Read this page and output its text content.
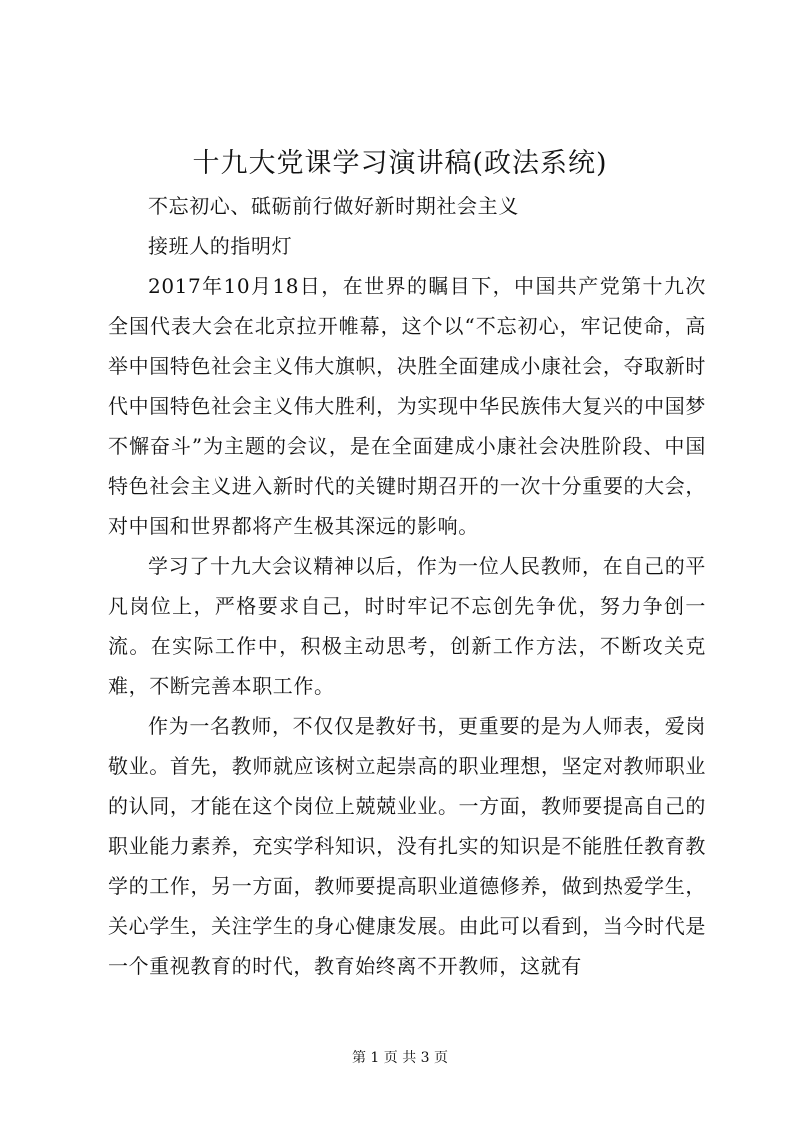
十九大党课学习演讲稿(政法系统)

不忘初心、砥砺前行做好新时期社会主义

接班人的指明灯

2017年10月18日，在世界的瞩目下，中国共产党第十九次全国代表大会在北京拉开帷幕，这个以“不忘初心，牢记使命，高举中国特色社会主义伟大旗帜，决胜全面建成小康社会，夺取新时代中国特色社会主义伟大胜利，为实现中华民族伟大复兴的中国梦不懈奋斗”为主题的会议，是在全面建成小康社会决胜阶段、中国特色社会主义进入新时代的关键时期召开的一次十分重要的大会，对中国和世界都将产生极其深远的影响。

学习了十九大会议精神以后，作为一位人民教师，在自己的平凡岗位上，严格要求自己，时时牢记不忘创先争优，努力争创一流。在实际工作中，积极主动思考，创新工作方法，不断攻关克难，不断完善本职工作。

作为一名教师，不仅仅是教好书，更重要的是为人师表，爱岗敬业。首先，教师就应该树立起崇高的职业理想，坚定对教师职业的认同，才能在这个岗位上兢兢业业。一方面，教师要提高自己的职业能力素养，充实学科知识，没有扎实的知识是不能胜任教育教学的工作，另一方面，教师要提高职业道德修养，做到热爱学生，关心学生，关注学生的身心健康发展。由此可以看到，当今时代是一个重视教育的时代，教育始终离不开教师，这就有

第 1 页 共 3 页
